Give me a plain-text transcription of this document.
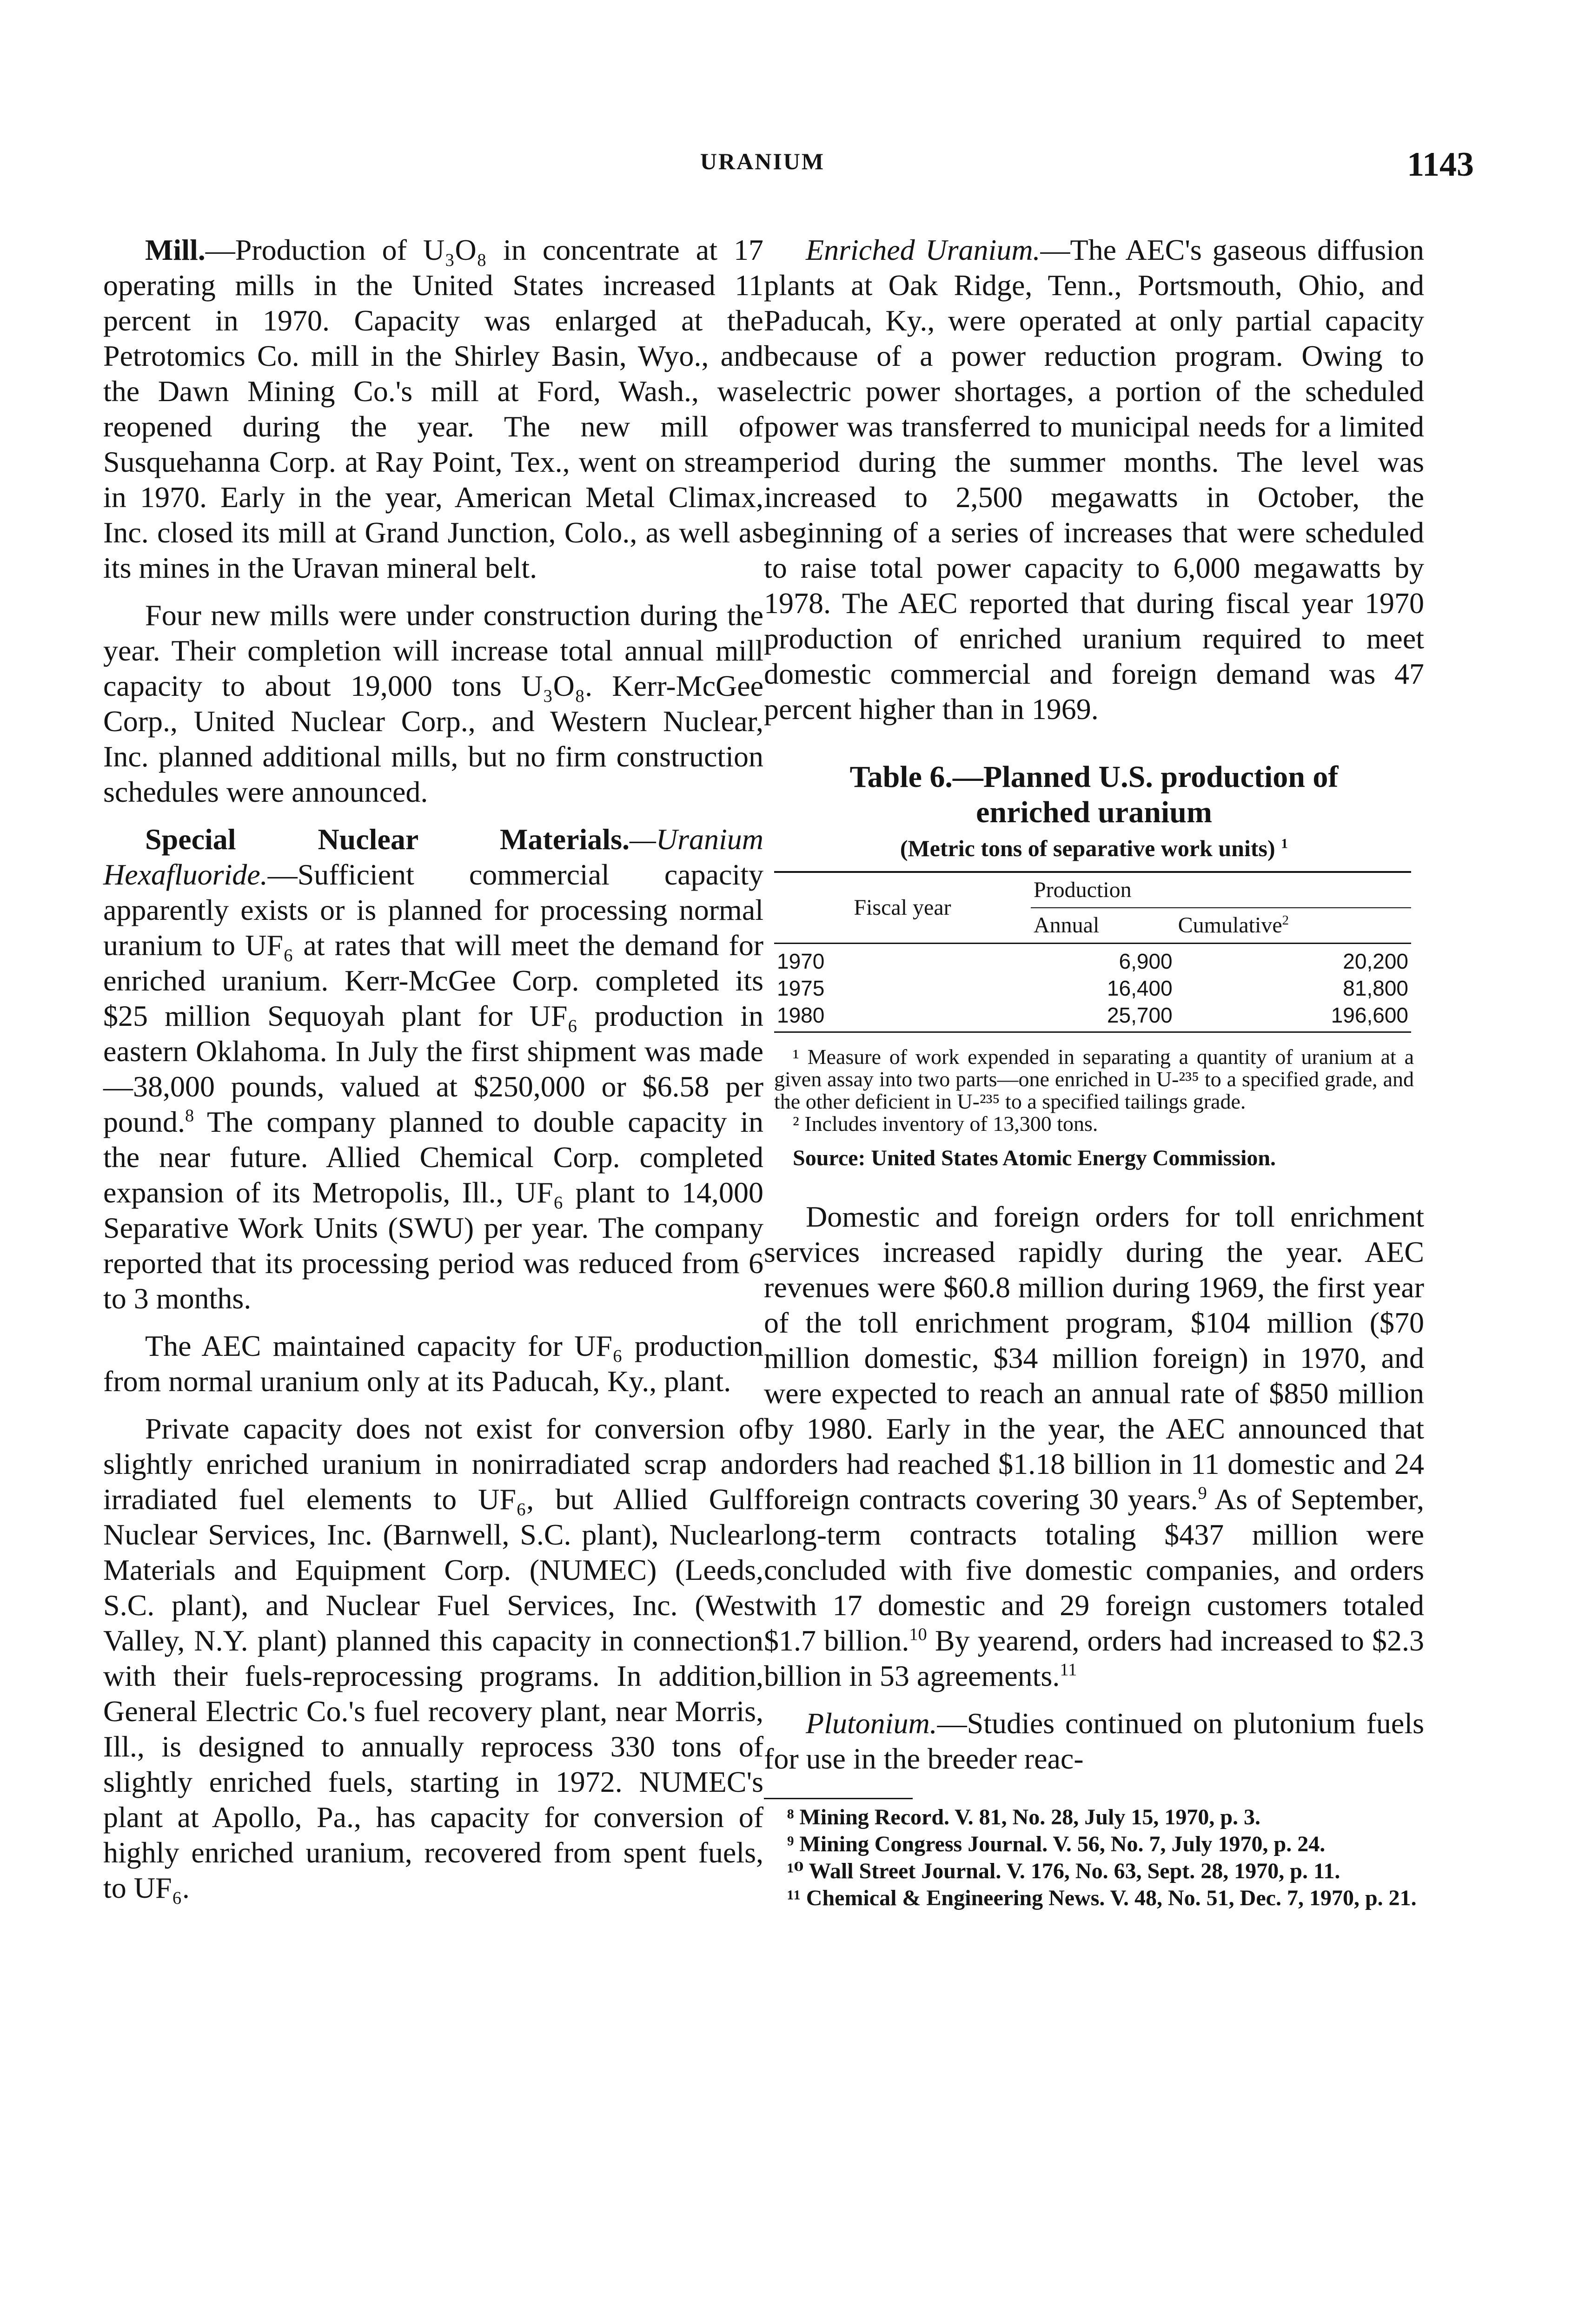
URANIUM	1143

Mill.—Production of U₃O₈ in concentrate at 17 operating mills in the United States increased 11 percent in 1970. Capacity was enlarged at the Petrotomics Co. mill in the Shirley Basin, Wyo., and the Dawn Mining Co.'s mill at Ford, Wash., was reopened during the year. The new mill of Susquehanna Corp. at Ray Point, Tex., went on stream in 1970. Early in the year, American Metal Climax, Inc. closed its mill at Grand Junction, Colo., as well as its mines in the Uravan mineral belt.

Four new mills were under construction during the year. Their completion will increase total annual mill capacity to about 19,000 tons U₃O₈. Kerr-McGee Corp., United Nuclear Corp., and Western Nuclear, Inc. planned additional mills, but no firm construction schedules were announced.

Special Nuclear Materials.—Uranium Hexafluoride.—Sufficient commercial capacity apparently exists or is planned for processing normal uranium to UF₆ at rates that will meet the demand for enriched uranium. Kerr-McGee Corp. completed its $25 million Sequoyah plant for UF₆ production in eastern Oklahoma. In July the first shipment was made—38,000 pounds, valued at $250,000 or $6.58 per pound.$^8$ The company planned to double capacity in the near future. Allied Chemical Corp. completed expansion of its Metropolis, Ill., UF₆ plant to 14,000 Separative Work Units (SWU) per year. The company reported that its processing period was reduced from 6 to 3 months.

The AEC maintained capacity for UF₆ production from normal uranium only at its Paducah, Ky., plant.

Private capacity does not exist for conversion of slightly enriched uranium in nonirradiated scrap and irradiated fuel elements to UF₆, but Allied Gulf Nuclear Services, Inc. (Barnwell, S.C. plant), Nuclear Materials and Equipment Corp. (NUMEC) (Leeds, S.C. plant), and Nuclear Fuel Services, Inc. (West Valley, N.Y. plant) planned this capacity in connection with their fuels-reprocessing programs. In addition, General Electric Co.'s fuel recovery plant, near Morris, Ill., is designed to annually reprocess 330 tons of slightly enriched fuels, starting in 1972. NUMEC's plant at Apollo, Pa., has capacity for conversion of highly enriched uranium, recovered from spent fuels, to UF₆.

Enriched Uranium.—The AEC's gaseous diffusion plants at Oak Ridge, Tenn., Portsmouth, Ohio, and Paducah, Ky., were operated at only partial capacity because of a power reduction program. Owing to electric power shortages, a portion of the scheduled power was transferred to municipal needs for a limited period during the summer months. The level was increased to 2,500 megawatts in October, the beginning of a series of increases that were scheduled to raise total power capacity to 6,000 megawatts by 1978. The AEC reported that during fiscal year 1970 production of enriched uranium required to meet domestic commercial and foreign demand was 47 percent higher than in 1969.

Table 6.—Planned U.S. production of enriched uranium
(Metric tons of separative work units) $^1$
Fiscal year	Production	
	Annual	Cumulative$^2$
1970	6,900	20,200
1975	16,400	81,800
1980	25,700	196,600

¹ Measure of work expended in separating a quantity of uranium at a given assay into two parts—one enriched in U-²³⁵ to a specified grade, and the other deficient in U-²³⁵ to a specified tailings grade.

² Includes inventory of 13,300 tons.

Source: United States Atomic Energy Commission.

Domestic and foreign orders for toll enrichment services increased rapidly during the year. AEC revenues were $60.8 million during 1969, the first year of the toll enrichment program, $104 million ($70 million domestic, $34 million foreign) in 1970, and were expected to reach an annual rate of $850 million by 1980. Early in the year, the AEC announced that orders had reached $1.18 billion in 11 domestic and 24 foreign contracts covering 30 years.$^9$ As of September, long-term contracts totaling $437 million were concluded with five domestic companies, and orders with 17 domestic and 29 foreign customers totaled $1.7 billion.$^{10}$ By yearend, orders had increased to $2.3 billion in 53 agreements.$^{11}$

Plutonium.—Studies continued on plutonium fuels for use in the breeder reac-

⁸ Mining Record. V. 81, No. 28, July 15, 1970, p. 3.

⁹ Mining Congress Journal. V. 56, No. 7, July 1970, p. 24.

¹⁰ Wall Street Journal. V. 176, No. 63, Sept. 28, 1970, p. 11.

¹¹ Chemical & Engineering News. V. 48, No. 51, Dec. 7, 1970, p. 21.
